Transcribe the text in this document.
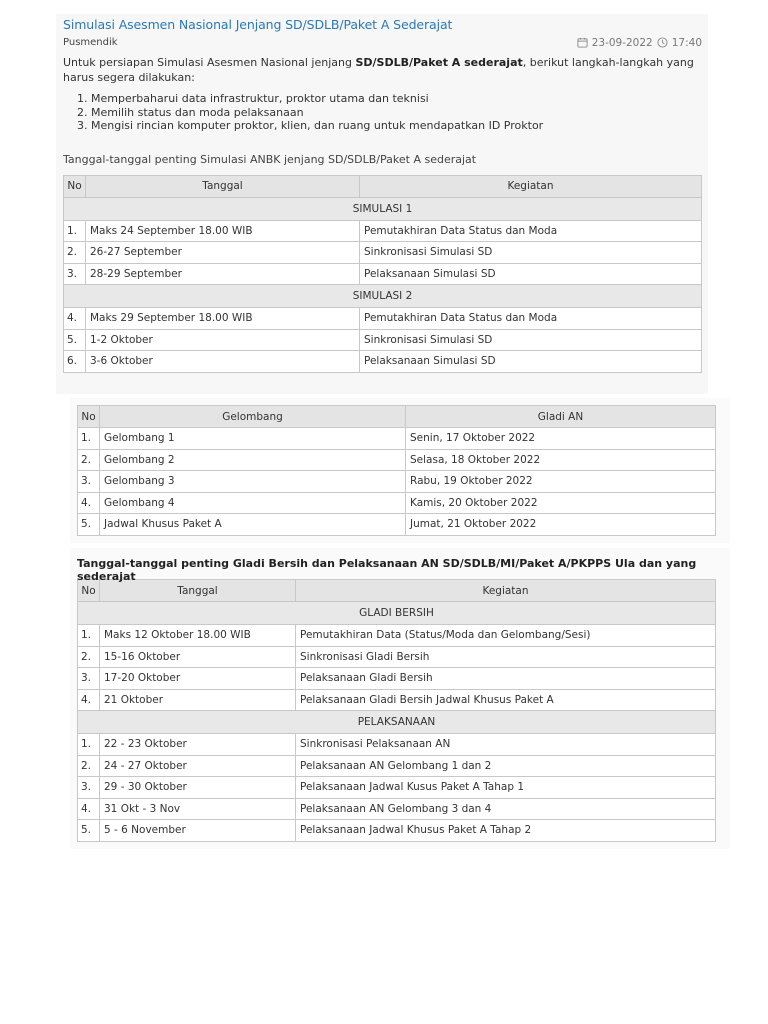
Simulasi Asesmen Nasional Jenjang SD/SDLB/Paket A Sederajat
Pusmendik	23-09-2022 17:40

Untuk persiapan Simulasi Asesmen Nasional jenjang SD/SDLB/Paket A sederajat, berikut langkah-langkah yang harus segera dilakukan:

1. Memperbaharui data infrastruktur, proktor utama dan teknisi
2. Memilih status dan moda pelaksanaan
3. Mengisi rincian komputer proktor, klien, dan ruang untuk mendapatkan ID Proktor
Tanggal-tanggal penting Simulasi ANBK jenjang SD/SDLB/Paket A sederajat
No	Tanggal	Kegiatan
SIMULASI 1		
1.	Maks 24 September 18.00 WIB	Pemutakhiran Data Status dan Moda
2.	26-27 September	Sinkronisasi Simulasi SD
3.	28-29 September	Pelaksanaan Simulasi SD
SIMULASI 2		
4.	Maks 29 September 18.00 WIB	Pemutakhiran Data Status dan Moda
5.	1-2 Oktober	Sinkronisasi Simulasi SD
6.	3-6 Oktober	Pelaksanaan Simulasi SD
No	Gelombang	Gladi AN
1.	Gelombang 1	Senin, 17 Oktober 2022
2.	Gelombang 2	Selasa, 18 Oktober 2022
3.	Gelombang 3	Rabu, 19 Oktober 2022
4.	Gelombang 4	Kamis, 20 Oktober 2022
5.	Jadwal Khusus Paket A	Jumat, 21 Oktober 2022
Tanggal-tanggal penting Gladi Bersih dan Pelaksanaan AN SD/SDLB/MI/Paket A/PKPPS Ula dan yang sederajat
No	Tanggal	Kegiatan
GLADI BERSIH		
1.	Maks 12 Oktober 18.00 WIB	Pemutakhiran Data (Status/Moda dan Gelombang/Sesi)
2.	15-16 Oktober	Sinkronisasi Gladi Bersih
3.	17-20 Oktober	Pelaksanaan Gladi Bersih
4.	21 Oktober	Pelaksanaan Gladi Bersih Jadwal Khusus Paket A
PELAKSANAAN		
1.	22 - 23 Oktober	Sinkronisasi Pelaksanaan AN
2.	24 - 27 Oktober	Pelaksanaan AN Gelombang 1 dan 2
3.	29 - 30 Oktober	Pelaksanaan Jadwal Kusus Paket A Tahap 1
4.	31 Okt - 3 Nov	Pelaksanaan AN Gelombang 3 dan 4
5.	5 - 6 November	Pelaksanaan Jadwal Khusus Paket A Tahap 2
